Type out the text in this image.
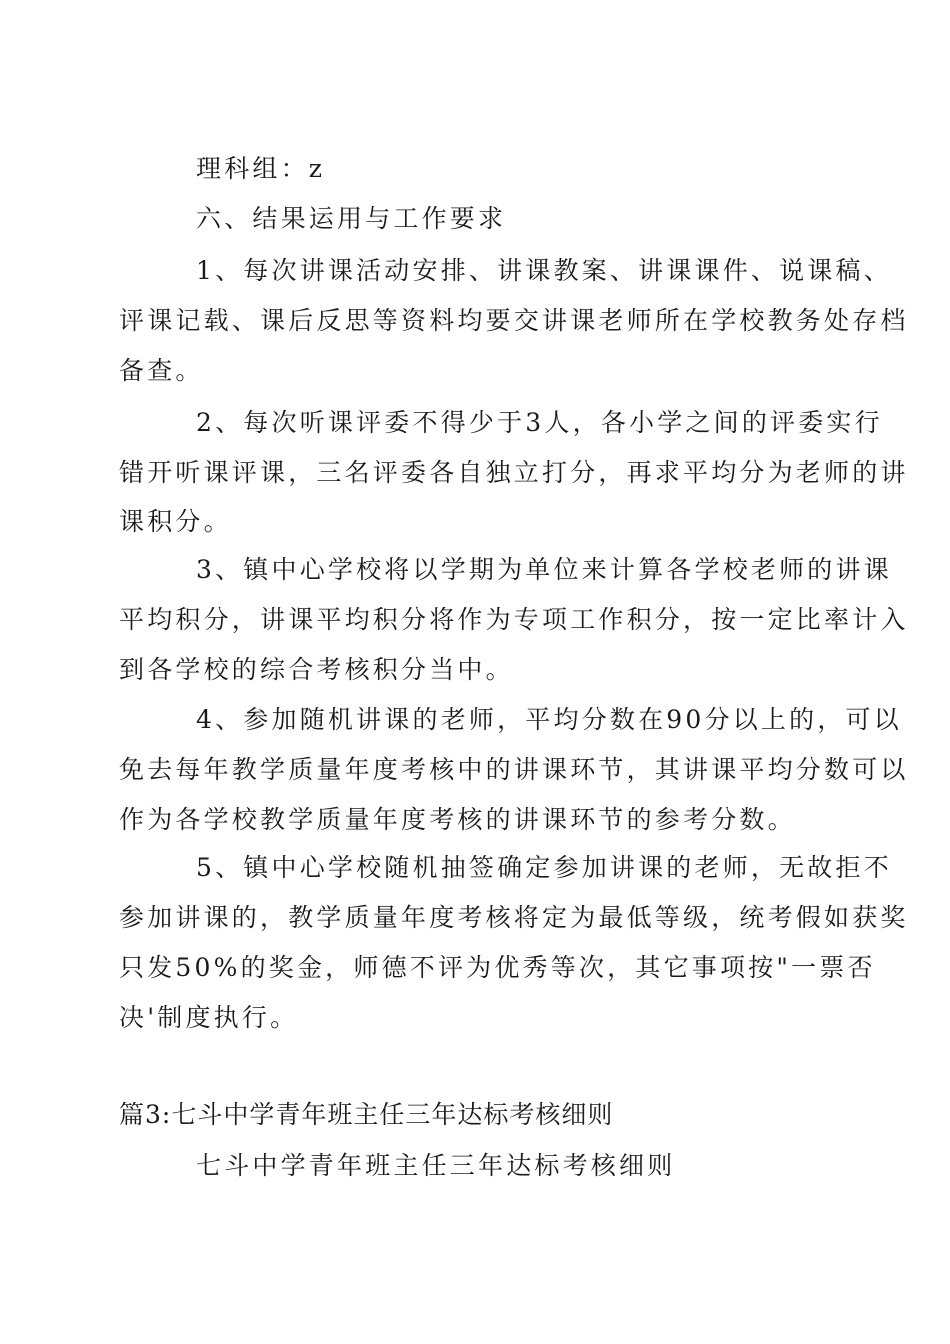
理科组：z
六、结果运用与工作要求
1、每次讲课活动安排、讲课教案、讲课课件、说课稿、
评课记载、课后反思等资料均要交讲课老师所在学校教务处存档
备查。
2、每次听课评委不得少于3人，各小学之间的评委实行
错开听课评课，三名评委各自独立打分，再求平均分为老师的讲
课积分。
3、镇中心学校将以学期为单位来计算各学校老师的讲课
平均积分，讲课平均积分将作为专项工作积分，按一定比率计入
到各学校的综合考核积分当中。
4、参加随机讲课的老师，平均分数在90分以上的，可以
免去每年教学质量年度考核中的讲课环节，其讲课平均分数可以
作为各学校教学质量年度考核的讲课环节的参考分数。
5、镇中心学校随机抽签确定参加讲课的老师，无故拒不
参加讲课的，教学质量年度考核将定为最低等级，统考假如获奖
只发50%的奖金，师德不评为优秀等次，其它事项按"一票否
决'制度执行。
篇3:七斗中学青年班主任三年达标考核细则
七斗中学青年班主任三年达标考核细则
